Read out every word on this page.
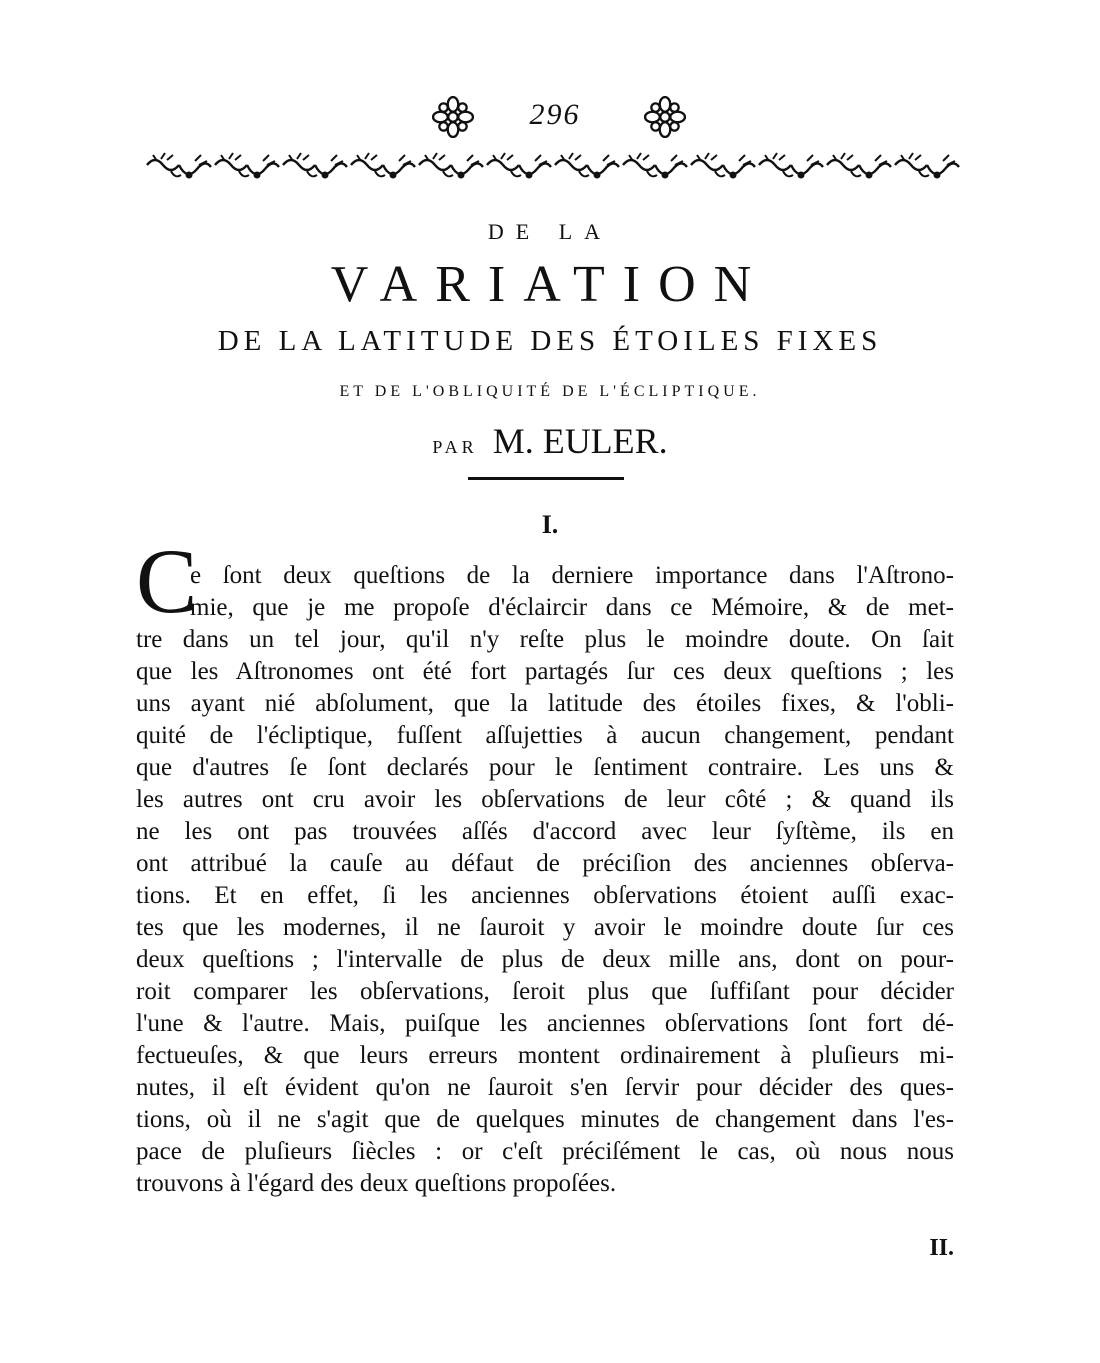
296
DE LA
VARIATION
DE LA LATITUDE DES ÉTOILES FIXES
ET DE L'OBLIQUITÉ DE L'ÉCLIPTIQUE.
PAR M. EULER.
I.
C
e ſont deux queſtions de la derniere importance dans l'Aſtrono-
mie, que je me propoſe d'éclaircir dans ce Mémoire, & de met-
tre dans un tel jour, qu'il n'y reſte plus le moindre doute. On ſait
que les Aſtronomes ont été fort partagés ſur ces deux queſtions ; les
uns ayant nié abſolument, que la latitude des étoiles fixes, & l'obli-
quité de l'écliptique, fuſſent aſſujetties à aucun changement, pendant
que d'autres ſe ſont declarés pour le ſentiment contraire. Les uns &
les autres ont cru avoir les obſervations de leur côté ; & quand ils
ne les ont pas trouvées aſſés d'accord avec leur ſyſtème, ils en
ont attribué la cauſe au défaut de préciſion des anciennes obſerva-
tions. Et en effet, ſi les anciennes obſervations étoient auſſi exac-
tes que les modernes, il ne ſauroit y avoir le moindre doute ſur ces
deux queſtions ; l'intervalle de plus de deux mille ans, dont on pour-
roit comparer les obſervations, ſeroit plus que ſuffiſant pour décider
l'une & l'autre. Mais, puiſque les anciennes obſervations ſont fort dé-
fectueuſes, & que leurs erreurs montent ordinairement à pluſieurs mi-
nutes, il eſt évident qu'on ne ſauroit s'en ſervir pour décider des ques-
tions, où il ne s'agit que de quelques minutes de changement dans l'es-
pace de pluſieurs ſiècles : or c'eſt préciſément le cas, où nous nous
trouvons à l'égard des deux queſtions propoſées.
II.
